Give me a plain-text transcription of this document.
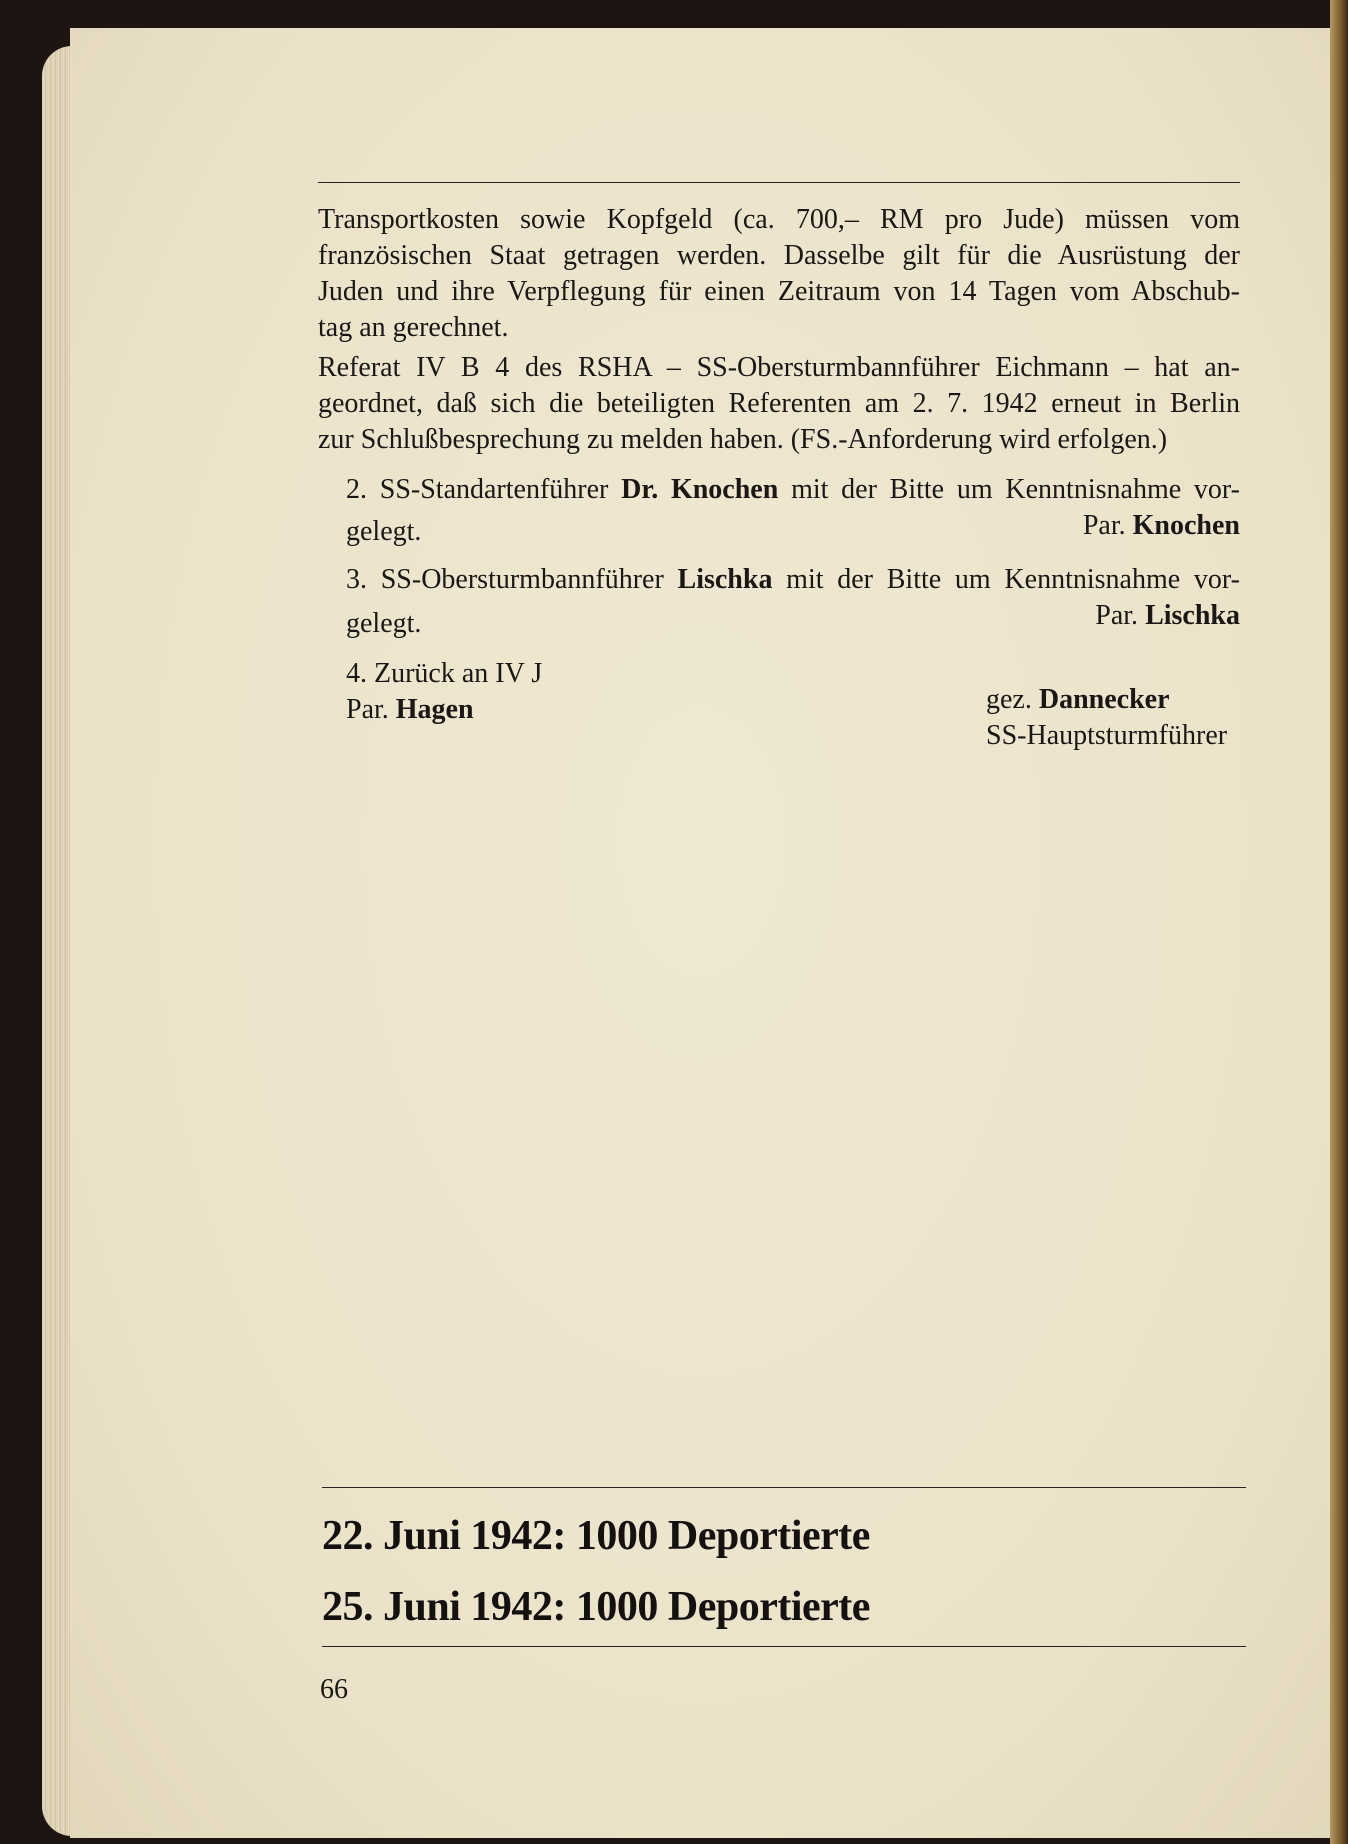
Transportkosten sowie Kopfgeld (ca. 700,– RM pro Jude) müssen vom
französischen Staat getragen werden. Dasselbe gilt für die Ausrüstung der
Juden und ihre Verpflegung für einen Zeitraum von 14 Tagen vom Abschub-
tag an gerechnet.
Referat IV B 4 des RSHA – SS-Obersturmbannführer Eichmann – hat an-
geordnet, daß sich die beteiligten Referenten am 2. 7. 1942 erneut in Berlin
zur Schlußbesprechung zu melden haben. (FS.-Anforderung wird erfolgen.)
2. SS-Standartenführer Dr. Knochen mit der Bitte um Kenntnisnahme vor-
gelegt.	Par. Knochen
3. SS-Obersturmbannführer Lischka mit der Bitte um Kenntnisnahme vor-
gelegt.	Par. Lischka
4. Zurück an IV J
Par. Hagen	gez. Dannecker
SS-Hauptsturmführer
22. Juni 1942: 1000 Deportierte
25. Juni 1942: 1000 Deportierte
66
